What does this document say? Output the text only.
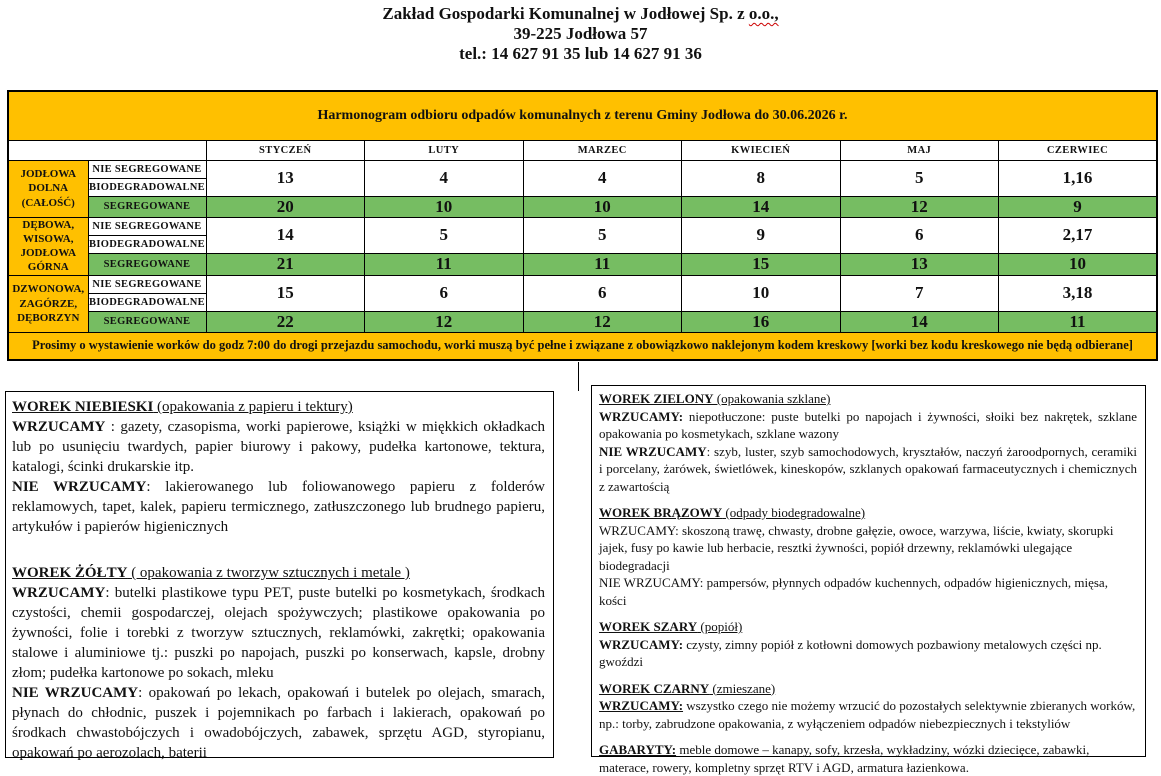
Zakład Gospodarki Komunalnej w Jodłowej Sp. z o.o.,
39-225 Jodłowa 57
tel.: 14 627 91 35 lub 14 627 91 36
Harmonogram odbioru odpadów komunalnych z terenu Gminy Jodłowa do 30.06.2026 r.							
		STYCZEŃ	LUTY	MARZEC	KWIECIEŃ	MAJ	CZERWIEC
JODŁOWA DOLNA (CAŁOŚĆ)	NIE SEGREGOWANE	13	4	4	8	5	1,16
	BIODEGRADOWALNE						
	SEGREGOWANE	20	10	10	14	12	9
DĘBOWA, WISOWA, JODŁOWA GÓRNA	NIE SEGREGOWANE	14	5	5	9	6	2,17
	BIODEGRADOWALNE						
	SEGREGOWANE	21	11	11	15	13	10
DZWONOWA, ZAGÓRZE, DĘBORZYN	NIE SEGREGOWANE	15	6	6	10	7	3,18
	BIODEGRADOWALNE						
	SEGREGOWANE	22	12	12	16	14	11
Prosimy o wystawienie worków do godz 7:00 do drogi przejazdu samochodu, worki muszą być pełne i związane z obowiązkowo naklejonym kodem kreskowy [worki bez kodu kreskowego nie będą odbierane]							
WOREK NIEBIESKI (opakowania z papieru i tektury)

WRZUCAMY : gazety, czasopisma, worki papierowe, książki w miękkich okładkach lub po usunięciu twardych, papier biurowy i pakowy, pudełka kartonowe, tektura, katalogi, ścinki drukarskie itp.

NIE WRZUCAMY: lakierowanego lub foliowanowego papieru z folderów reklamowych, tapet, kalek, papieru termicznego, zatłuszczonego lub brudnego papieru, artykułów i papierów higienicznych

WOREK ŻÓŁTY ( opakowania z tworzyw sztucznych i metale )

WRZUCAMY: butelki plastikowe typu PET, puste butelki po kosmetykach, środkach czystości, chemii gospodarczej, olejach spożywczych; plastikowe opakowania po żywności, folie i torebki z tworzyw sztucznych, reklamówki, zakrętki; opakowania stalowe i aluminiowe tj.: puszki po napojach, puszki po konserwach, kapsle, drobny złom; pudełka kartonowe po sokach, mleku

NIE WRZUCAMY: opakowań po lekach, opakowań i butelek po olejach, smarach, płynach do chłodnic, puszek i pojemnikach po farbach i lakierach, opakowań po środkach chwastobójczych i owadobójczych, zabawek, sprzętu AGD, styropianu, opakowań po aerozolach, baterii

WOREK ZIELONY (opakowania szklane)

WRZUCAMY: niepotłuczone: puste butelki po napojach i żywności, słoiki bez nakrętek, szklane opakowania po kosmetykach, szklane wazony

NIE WRZUCAMY: szyb, luster, szyb samochodowych, kryształów, naczyń żaroodpornych, ceramiki i porcelany, żarówek, świetlówek, kineskopów, szklanych opakowań farmaceutycznych i chemicznych z zawartością

WOREK BRĄZOWY (odpady biodegradowalne)

WRZUCAMY: skoszoną trawę, chwasty, drobne gałęzie, owoce, warzywa, liście, kwiaty, skorupki jajek, fusy po kawie lub herbacie, resztki żywności, popiół drzewny, reklamówki ulegające biodegradacji

NIE WRZUCAMY: pampersów, płynnych odpadów kuchennych, odpadów higienicznych, mięsa, kości

WOREK SZARY (popiół)

WRZUCAMY: czysty, zimny popiół z kotłowni domowych pozbawiony metalowych części np. gwoździ

WOREK CZARNY (zmieszane)

WRZUCAMY: wszystko czego nie możemy wrzucić do pozostałych selektywnie zbieranych worków, np.: torby, zabrudzone opakowania, z wyłączeniem odpadów niebezpiecznych i tekstyliów

GABARYTY: meble domowe – kanapy, sofy, krzesła, wykładziny, wózki dziecięce, zabawki, materace, rowery, kompletny sprzęt RTV i AGD, armatura łazienkowa.
